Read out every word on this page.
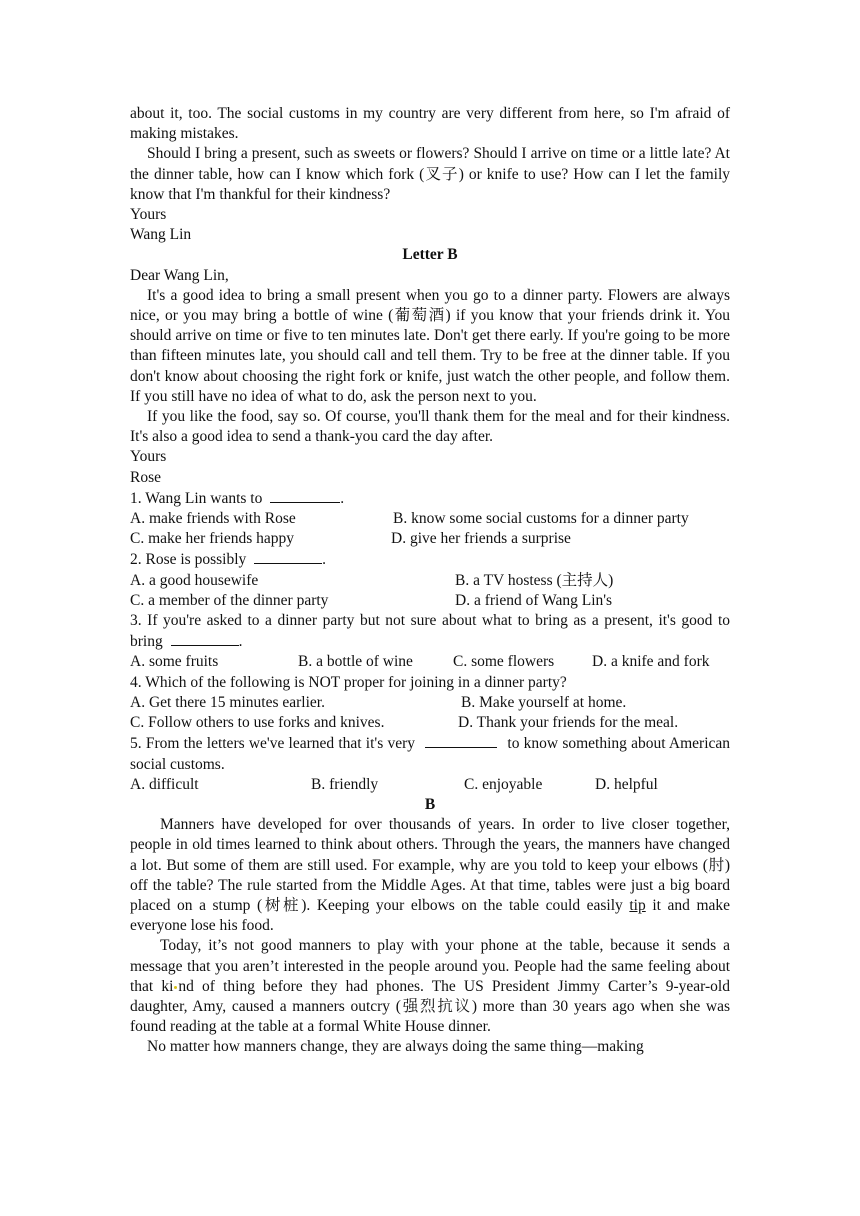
about it, too. The social customs in my country are very different from here, so I'm afraid of making mistakes.

Should I bring a present, such as sweets or flowers? Should I arrive on time or a little late? At the dinner table, how can I know which fork (叉子) or knife to use? How can I let the family know that I'm thankful for their kindness?

Yours

Wang Lin

Letter B

Dear Wang Lin,

It's a good idea to bring a small present when you go to a dinner party. Flowers are always nice, or you may bring a bottle of wine (葡萄酒) if you know that your friends drink it. You should arrive on time or five to ten minutes late. Don't get there early. If you're going to be more than fifteen minutes late, you should call and tell them. Try to be free at the dinner table. If you don't know about choosing the right fork or knife, just watch the other people, and follow them. If you still have no idea of what to do, ask the person next to you.

If you like the food, say so. Of course, you'll thank them for the meal and for their kindness. It's also a good idea to send a thank-you card the day after.

Yours

Rose

1. Wang Lin wants to	.

A. make friends with Rose	B. know some social customs for a dinner party
C. make her friends happy	D. give her friends a surprise

2. Rose is possibly	.

A. a good housewife	B. a TV hostess (主持人)
C. a member of the dinner party	D. a friend of Wang Lin's

3. If you're asked to a dinner party but not sure about what to bring as a present, it's good to bring	.

A. some fruits	B. a bottle of wine	C. some flowers	D. a knife and fork

4. Which of the following is NOT proper for joining in a dinner party?

A. Get there 15 minutes earlier.	B. Make yourself at home.
C. Follow others to use forks and knives.	D. Thank your friends for the meal.

5. From the letters we've learned that it's very	to know something about American social customs.

A. difficult	B. friendly	C. enjoyable	D. helpful

B

Manners have developed for over thousands of years. In order to live closer together, people in old times learned to think about others. Through the years, the manners have changed a lot. But some of them are still used. For example, why are you told to keep your elbows (肘) off the table? The rule started from the Middle Ages. At that time, tables were just a big board placed on a stump (树桩). Keeping your elbows on the table could easily tip it and make everyone lose his food.

Today, it’s not good manners to play with your phone at the table, because it sends a message that you aren’t interested in the people around you. People had the same feeling about that ki nd of thing before they had phones. The US President Jimmy Carter’s 9-year-old daughter, Amy, caused a manners outcry (强烈抗议) more than 30 years ago when she was found reading at the table at a formal White House dinner.

No matter how manners change, they are always doing the same thing—making
